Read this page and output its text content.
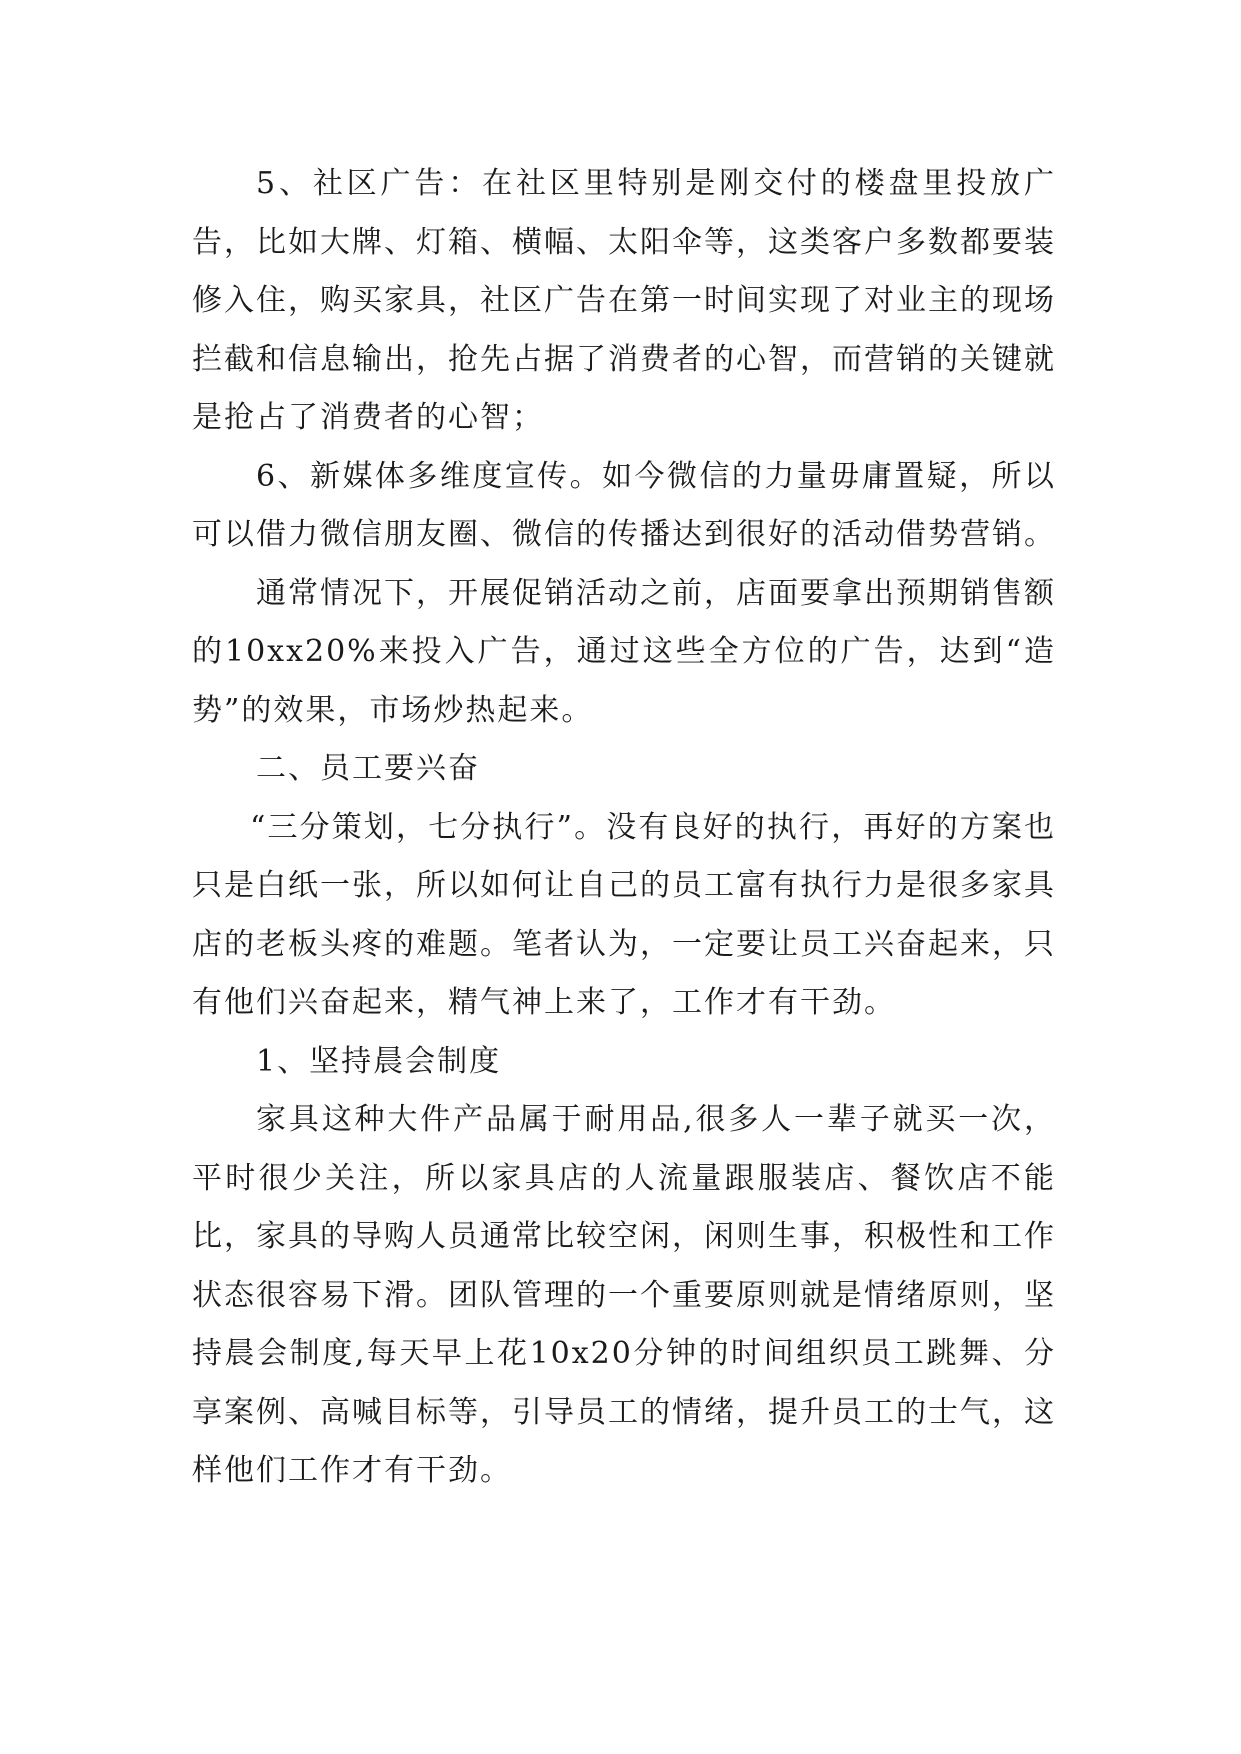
5、社区广告：在社区里特别是刚交付的楼盘里投放广告，比如大牌、灯箱、横幅、太阳伞等，这类客户多数都要装修入住，购买家具，社区广告在第一时间实现了对业主的现场拦截和信息输出，抢先占据了消费者的心智，而营销的关键就是抢占了消费者的心智；

6、新媒体多维度宣传。如今微信的力量毋庸置疑，所以可以借力微信朋友圈、微信的传播达到很好的活动借势营销。

通常情况下，开展促销活动之前，店面要拿出预期销售额的10xx20%来投入广告，通过这些全方位的广告，达到“造势”的效果，市场炒热起来。

二、员工要兴奋

“三分策划，七分执行”。没有良好的执行，再好的方案也只是白纸一张，所以如何让自己的员工富有执行力是很多家具店的老板头疼的难题。笔者认为，一定要让员工兴奋起来，只有他们兴奋起来，精气神上来了，工作才有干劲。

1、坚持晨会制度

家具这种大件产品属于耐用品,很多人一辈子就买一次，平时很少关注，所以家具店的人流量跟服装店、餐饮店不能比，家具的导购人员通常比较空闲，闲则生事，积极性和工作状态很容易下滑。团队管理的一个重要原则就是情绪原则，坚持晨会制度,每天早上花10x20分钟的时间组织员工跳舞、分享案例、高喊目标等，引导员工的情绪，提升员工的士气，这样他们工作才有干劲。
